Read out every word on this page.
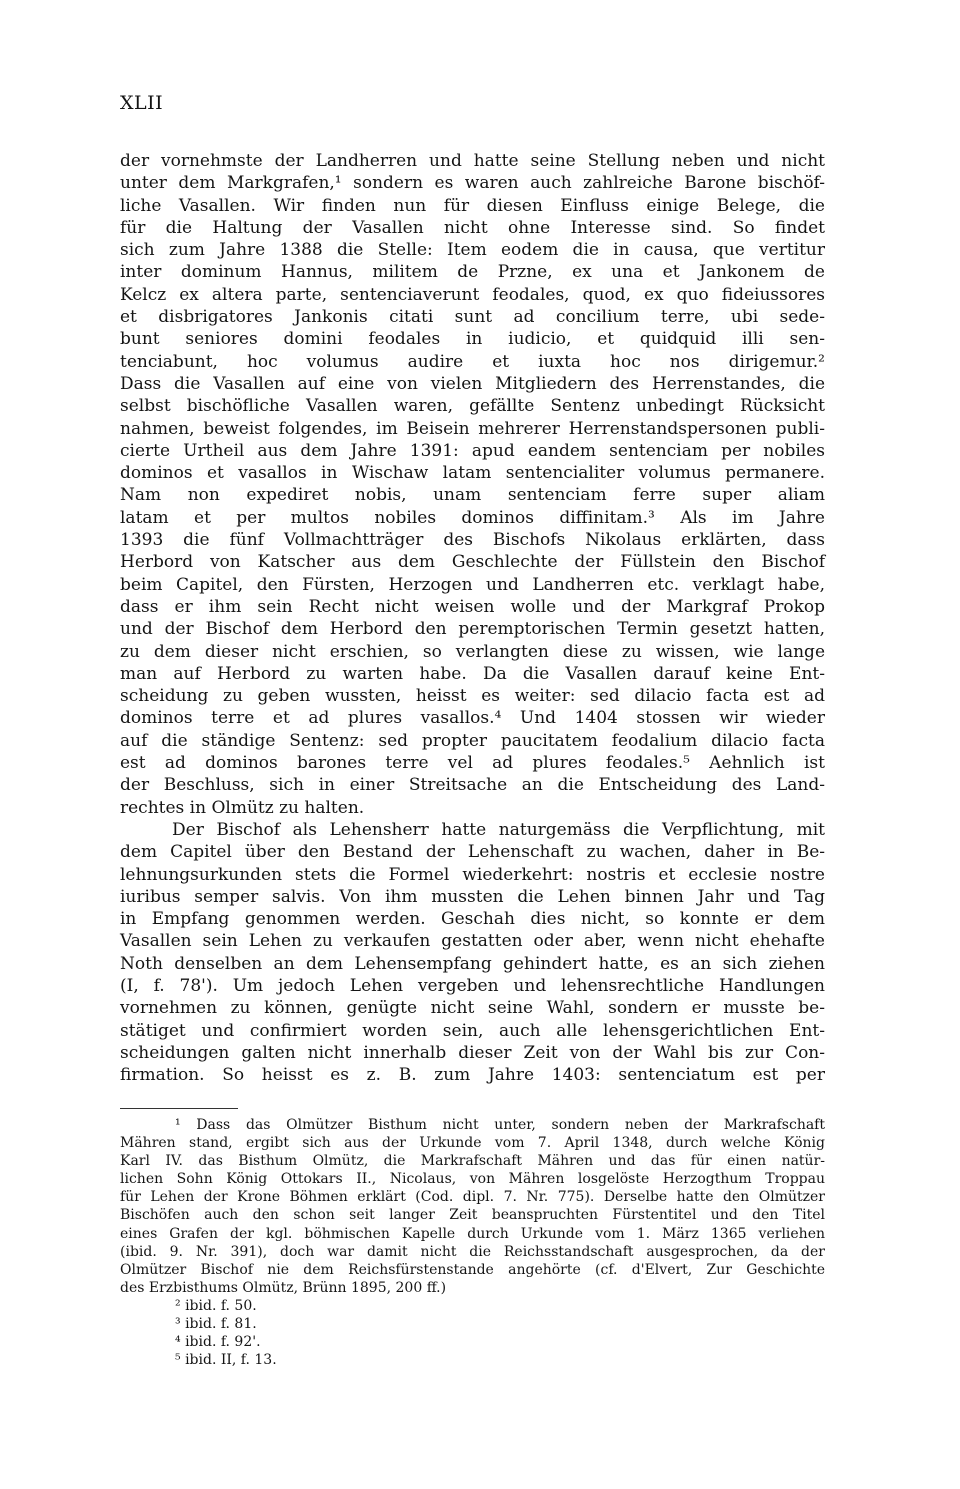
XLII
der vornehmste der Landherren und hatte seine Stellung neben und nicht
unter dem Markgrafen,¹ sondern es waren auch zahlreiche Barone bischöf-
liche Vasallen. Wir finden nun für diesen Einfluss einige Belege, die
für die Haltung der Vasallen nicht ohne Interesse sind. So findet
sich zum Jahre 1388 die Stelle: Item eodem die in causa, que vertitur
inter dominum Hannus, militem de Przne, ex una et Jankonem de
Kelcz ex altera parte, sentenciaverunt feodales, quod, ex quo fideiussores
et disbrigatores Jankonis citati sunt ad concilium terre, ubi sede-
bunt seniores domini feodales in iudicio, et quidquid illi sen-
tenciabunt, hoc volumus audire et iuxta hoc nos dirigemur.²
Dass die Vasallen auf eine von vielen Mitgliedern des Herrenstandes, die
selbst bischöfliche Vasallen waren, gefällte Sentenz unbedingt Rücksicht
nahmen, beweist folgendes, im Beisein mehrerer Herrenstandspersonen publi-
cierte Urtheil aus dem Jahre 1391: apud eandem sentenciam per nobiles
dominos et vasallos in Wischaw latam sentencialiter volumus permanere.
Nam non expediret nobis, unam sentenciam ferre super aliam
latam et per multos nobiles dominos diffinitam.³ Als im Jahre
1393 die fünf Vollmachtträger des Bischofs Nikolaus erklärten, dass
Herbord von Katscher aus dem Geschlechte der Füllstein den Bischof
beim Capitel, den Fürsten, Herzogen und Landherren etc. verklagt habe,
dass er ihm sein Recht nicht weisen wolle und der Markgraf Prokop
und der Bischof dem Herbord den peremptorischen Termin gesetzt hatten,
zu dem dieser nicht erschien, so verlangten diese zu wissen, wie lange
man auf Herbord zu warten habe. Da die Vasallen darauf keine Ent-
scheidung zu geben wussten, heisst es weiter: sed dilacio facta est ad
dominos terre et ad plures vasallos.⁴ Und 1404 stossen wir wieder
auf die ständige Sentenz: sed propter paucitatem feodalium dilacio facta
est ad dominos barones terre vel ad plures feodales.⁵ Aehnlich ist
der Beschluss, sich in einer Streitsache an die Entscheidung des Land-
rechtes in Olmütz zu halten.
Der Bischof als Lehensherr hatte naturgemäss die Verpflichtung, mit
dem Capitel über den Bestand der Lehenschaft zu wachen, daher in Be-
lehnungsurkunden stets die Formel wiederkehrt: nostris et ecclesie nostre
iuribus semper salvis. Von ihm mussten die Lehen binnen Jahr und Tag
in Empfang genommen werden. Geschah dies nicht, so konnte er dem
Vasallen sein Lehen zu verkaufen gestatten oder aber, wenn nicht ehehafte
Noth denselben an dem Lehensempfang gehindert hatte, es an sich ziehen
(I, f. 78'). Um jedoch Lehen vergeben und lehensrechtliche Handlungen
vornehmen zu können, genügte nicht seine Wahl, sondern er musste be-
stätiget und confirmiert worden sein, auch alle lehensgerichtlichen Ent-
scheidungen galten nicht innerhalb dieser Zeit von der Wahl bis zur Con-
firmation. So heisst es z. B. zum Jahre 1403: sentenciatum est per
¹ Dass das Olmützer Bisthum nicht unter, sondern neben der Markrafschaft
Mähren stand, ergibt sich aus der Urkunde vom 7. April 1348, durch welche König
Karl IV. das Bisthum Olmütz, die Markrafschaft Mähren und das für einen natür-
lichen Sohn König Ottokars II., Nicolaus, von Mähren losgelöste Herzogthum Troppau
für Lehen der Krone Böhmen erklärt (Cod. dipl. 7. Nr. 775). Derselbe hatte den Olmützer
Bischöfen auch den schon seit langer Zeit beanspruchten Fürstentitel und den Titel
eines Grafen der kgl. böhmischen Kapelle durch Urkunde vom 1. März 1365 verliehen
(ibid. 9. Nr. 391), doch war damit nicht die Reichsstandschaft ausgesprochen, da der
Olmützer Bischof nie dem Reichsfürstenstande angehörte (cf. d'Elvert, Zur Geschichte
des Erzbisthums Olmütz, Brünn 1895, 200 ff.)
² ibid. f. 50.
³ ibid. f. 81.
⁴ ibid. f. 92'.
⁵ ibid. II, f. 13.
